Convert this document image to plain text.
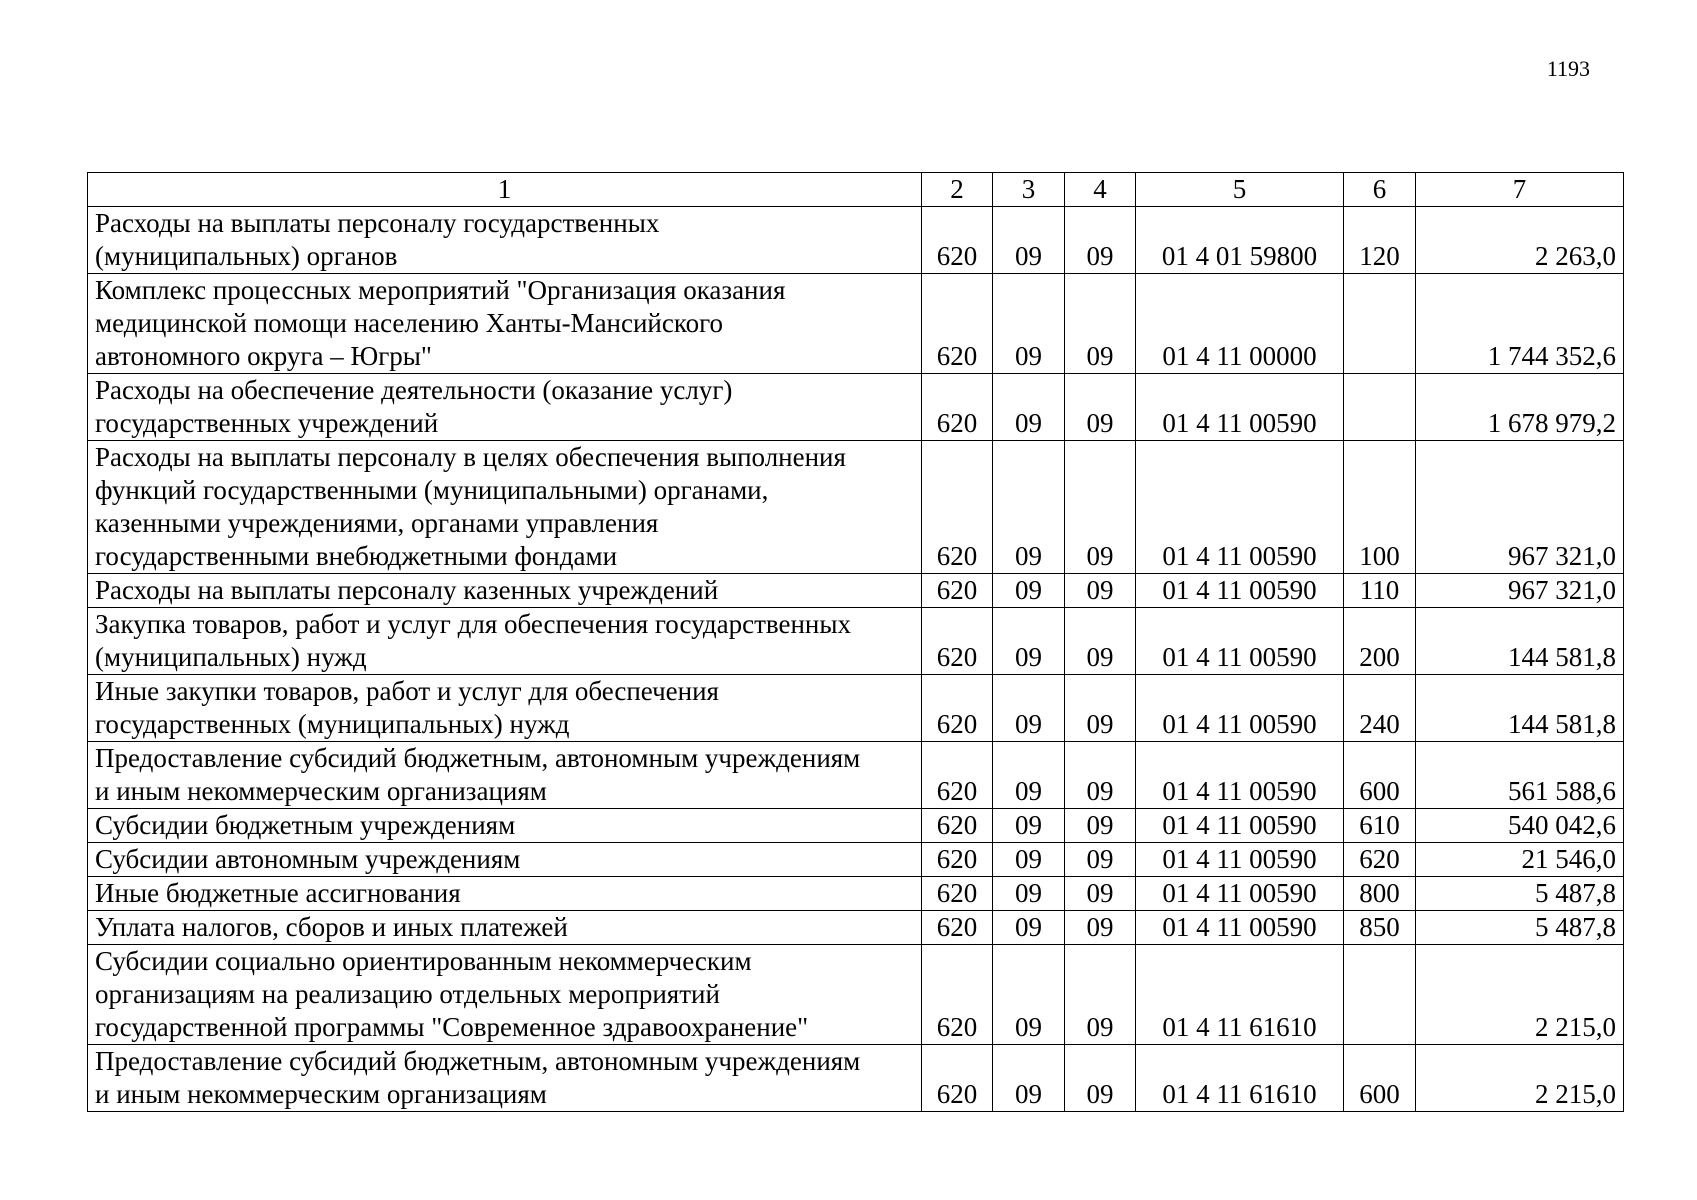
1193
1	2	3	4	5	6	7

Расходы на выплаты персоналу государственных
(муниципальных) органов	620	09	09	01 4 01 59800	120	2 263,0

Комплекс процессных мероприятий "Организация оказания
медицинской помощи населению Ханты-Мансийского
автономного округа – Югры"	620	09	09	01 4 11 00000		1 744 352,6

Расходы на обеспечение деятельности (оказание услуг)
государственных учреждений	620	09	09	01 4 11 00590		1 678 979,2

Расходы на выплаты персоналу в целях обеспечения выполнения
функций государственными (муниципальными) органами,
казенными учреждениями, органами управления
государственными внебюджетными фондами	620	09	09	01 4 11 00590	100	967 321,0

Расходы на выплаты персоналу казенных учреждений	620	09	09	01 4 11 00590	110	967 321,0

Закупка товаров, работ и услуг для обеспечения государственных
(муниципальных) нужд	620	09	09	01 4 11 00590	200	144 581,8

Иные закупки товаров, работ и услуг для обеспечения
государственных (муниципальных) нужд	620	09	09	01 4 11 00590	240	144 581,8

Предоставление субсидий бюджетным, автономным учреждениям
и иным некоммерческим организациям	620	09	09	01 4 11 00590	600	561 588,6

Субсидии бюджетным учреждениям	620	09	09	01 4 11 00590	610	540 042,6

Субсидии автономным учреждениям	620	09	09	01 4 11 00590	620	21 546,0

Иные бюджетные ассигнования	620	09	09	01 4 11 00590	800	5 487,8

Уплата налогов, сборов и иных платежей	620	09	09	01 4 11 00590	850	5 487,8

Субсидии социально ориентированным некоммерческим
организациям на реализацию отдельных мероприятий
государственной программы "Современное здравоохранение"	620	09	09	01 4 11 61610		2 215,0

Предоставление субсидий бюджетным, автономным учреждениям
и иным некоммерческим организациям	620	09	09	01 4 11 61610	600	2 215,0
